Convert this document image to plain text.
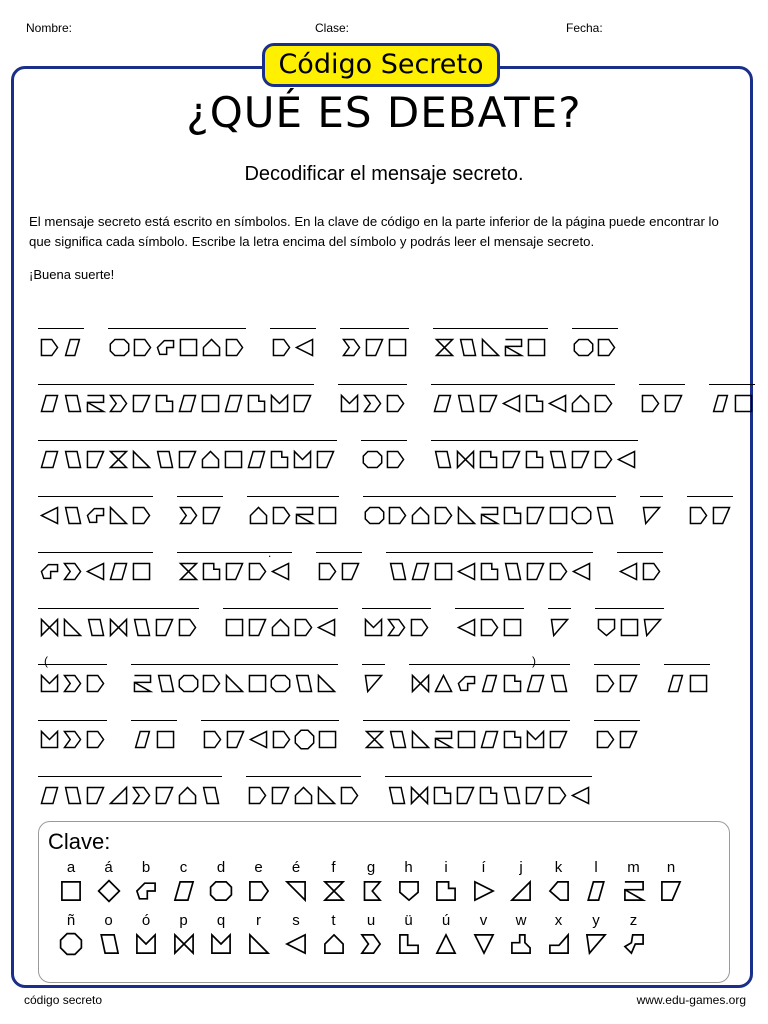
Nombre:	Clase:	Fecha:
Código Secreto
¿QUÉ ES DEBATE?
Decodificar el mensaje secreto.
El mensaje secreto está escrito en símbolos. En la clave de código en la parte inferior de la página puede encontrar lo que significa cada símbolo. Escribe la letra encima del símbolo y podrás leer el mensaje secreto.
¡Buena suerte!
.
(	)
Clave:
a	á	b	c	d	e	é	f	g	h	i	í	j	k	l	m	n
ñ	o	ó	p	q	r	s	t	u	ü	ú	v	w	x	y	z
código secreto	www.edu-games.org
